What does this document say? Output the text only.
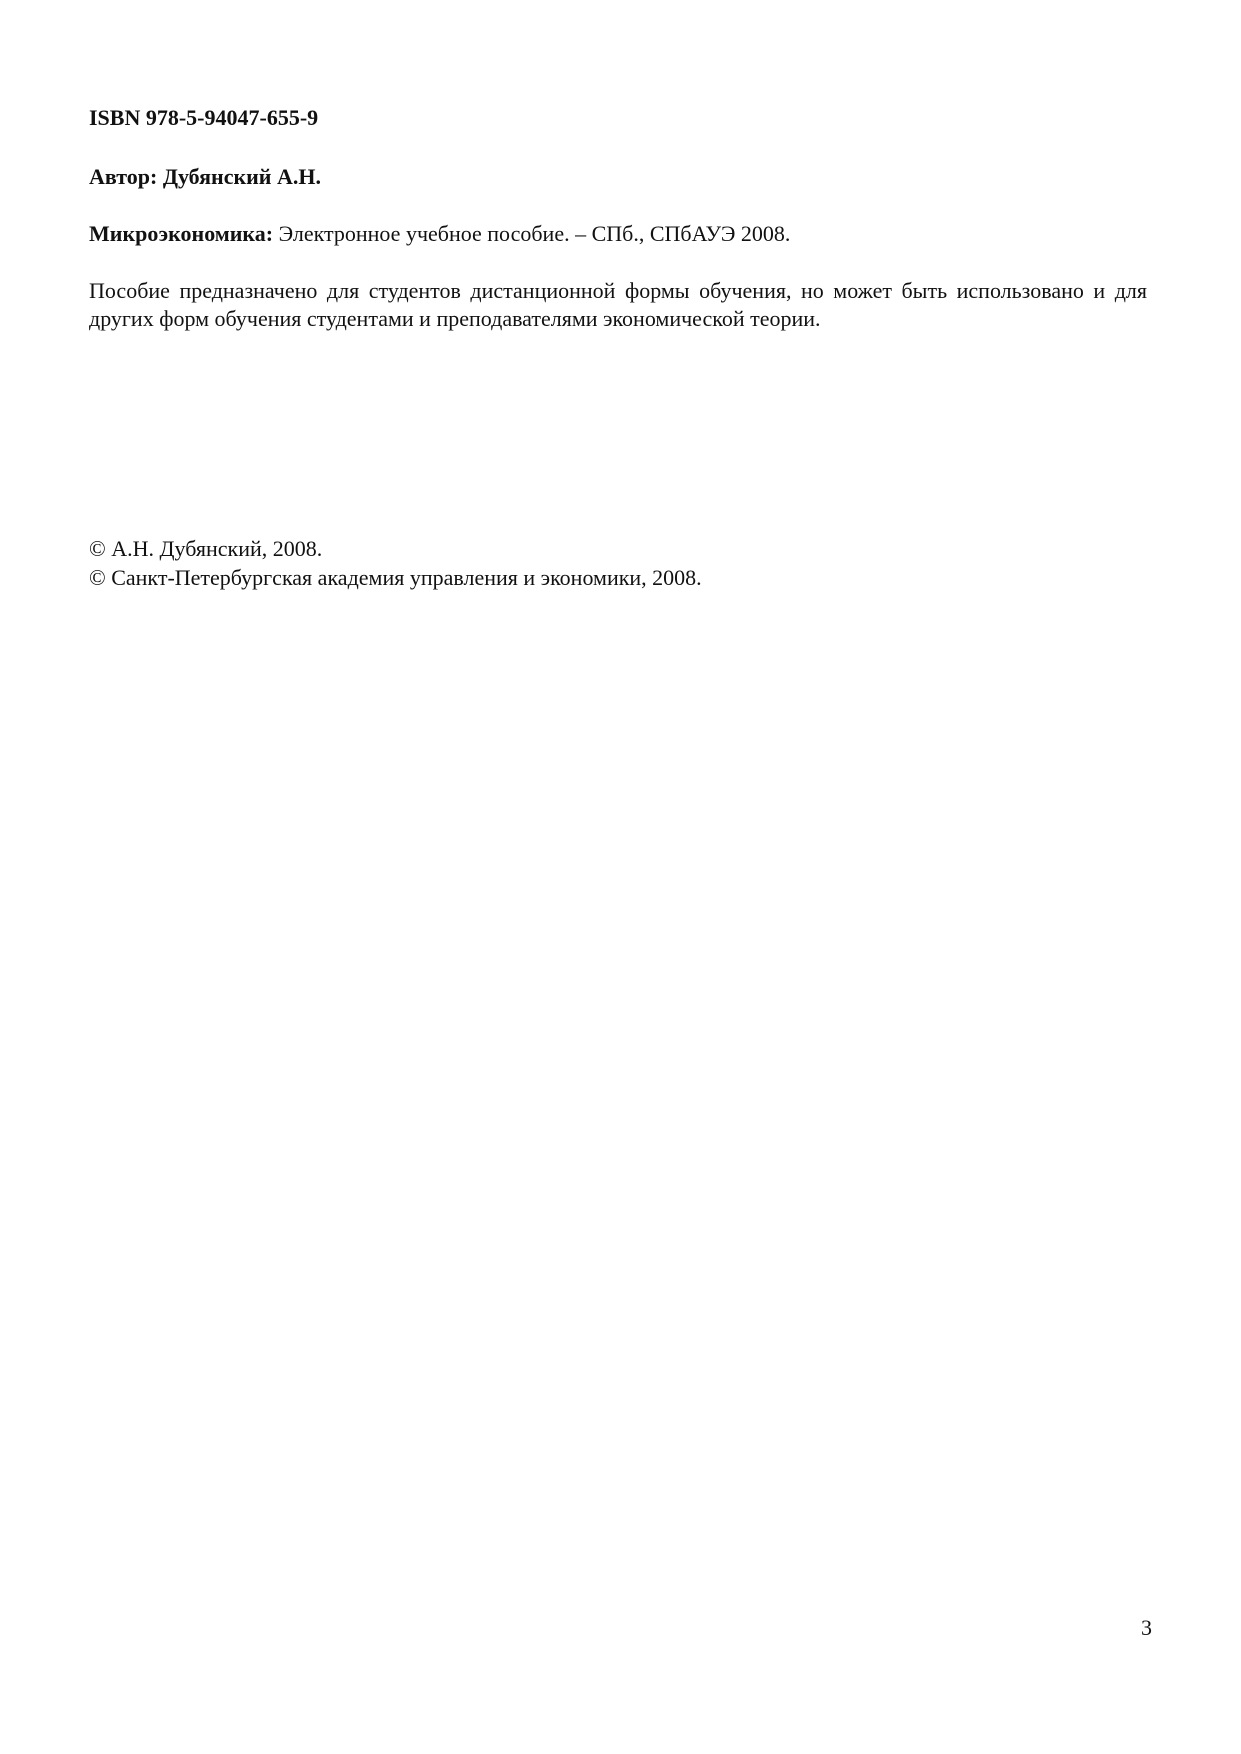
ISBN 978-5-94047-655-9
Автор: Дубянский А.Н.
Микроэкономика: Электронное учебное пособие. – СПб., СПбАУЭ 2008.
Пособие предназначено для студентов дистанционной формы обучения, но может быть использовано и для других форм обучения студентами и преподавателями экономической теории.
© А.Н. Дубянский, 2008.
© Санкт-Петербургская академия управления и экономики, 2008.
3
